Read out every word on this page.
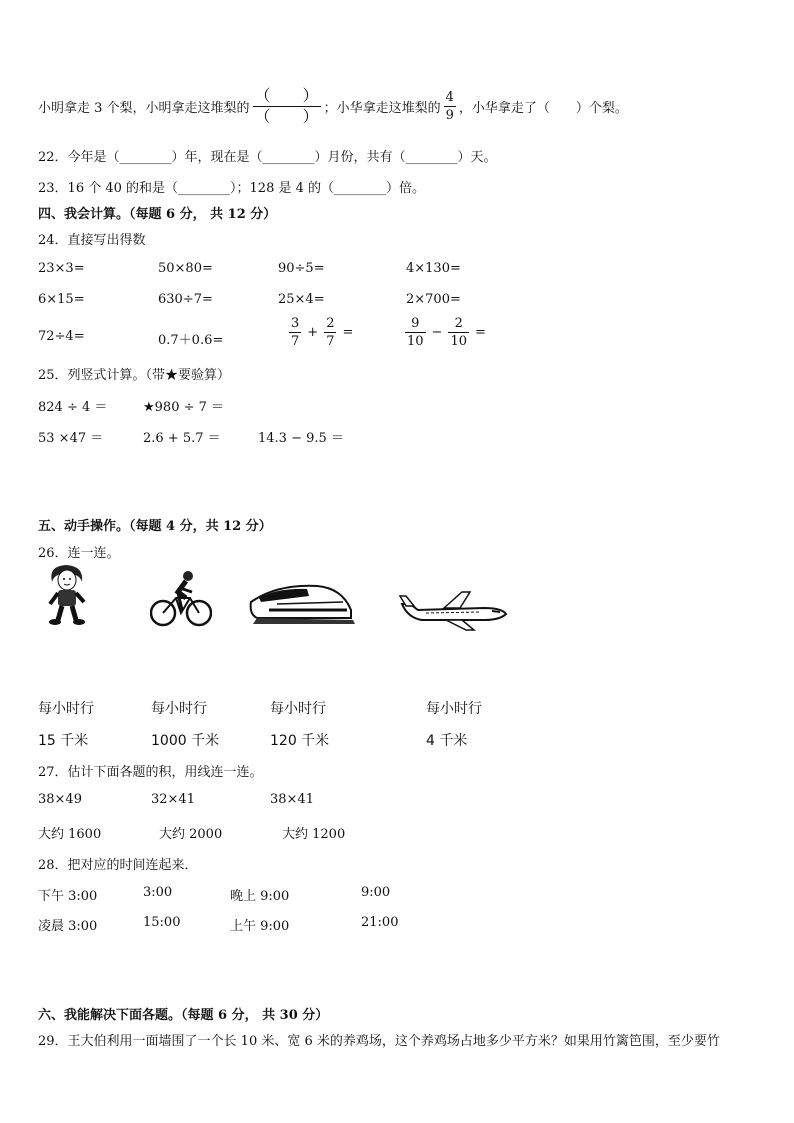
小明拿走 3 个梨，小明拿走这堆梨的 $\frac{( )}{( )}$ ；小华拿走这堆梨的 $\frac{4}{9}$ ，小华拿走了（　　）个梨。
22．今年是（________）年，现在是（________）月份，共有（________）天。
23．16 个 40 的和是（________）；128 是 4 的（________）倍。
四、我会计算。（每题 6 分， 共 12 分）
24．直接写出得数
23×3=	50×80=	90÷5=	4×130=
6×15=	630÷7=	25×4=	2×700=
72÷4=	0.7＋0.6=	$\frac{3}{7} + \frac{2}{7}$ =	$\frac{9}{10} - \frac{2}{10}$ =
25．列竖式计算。（带★要验算）
824 ÷ 4 ＝	★980 ÷ 7 ＝
53 ×47 ＝	2.6 + 5.7 ＝	14.3 − 9.5 ＝
五、动手操作。（每题 4 分，共 12 分）
26．连一连。
每小时行	每小时行	每小时行	每小时行
15 千米	1000 千米	120 千米	4 千米
27．估计下面各题的积，用线连一连。
38×49	32×41	38×41
大约 1600	大约 2000	大约 1200
28．把对应的时间连起来．
下午 3:00	3:00	晚上 9:00	9:00
凌晨 3:00	15:00	上午 9:00	21:00
六、我能解决下面各题。（每题 6 分， 共 30 分）
29．王大伯利用一面墙围了一个长 10 米、宽 6 米的养鸡场，这个养鸡场占地多少平方米？如果用竹篱笆围，至少要竹
